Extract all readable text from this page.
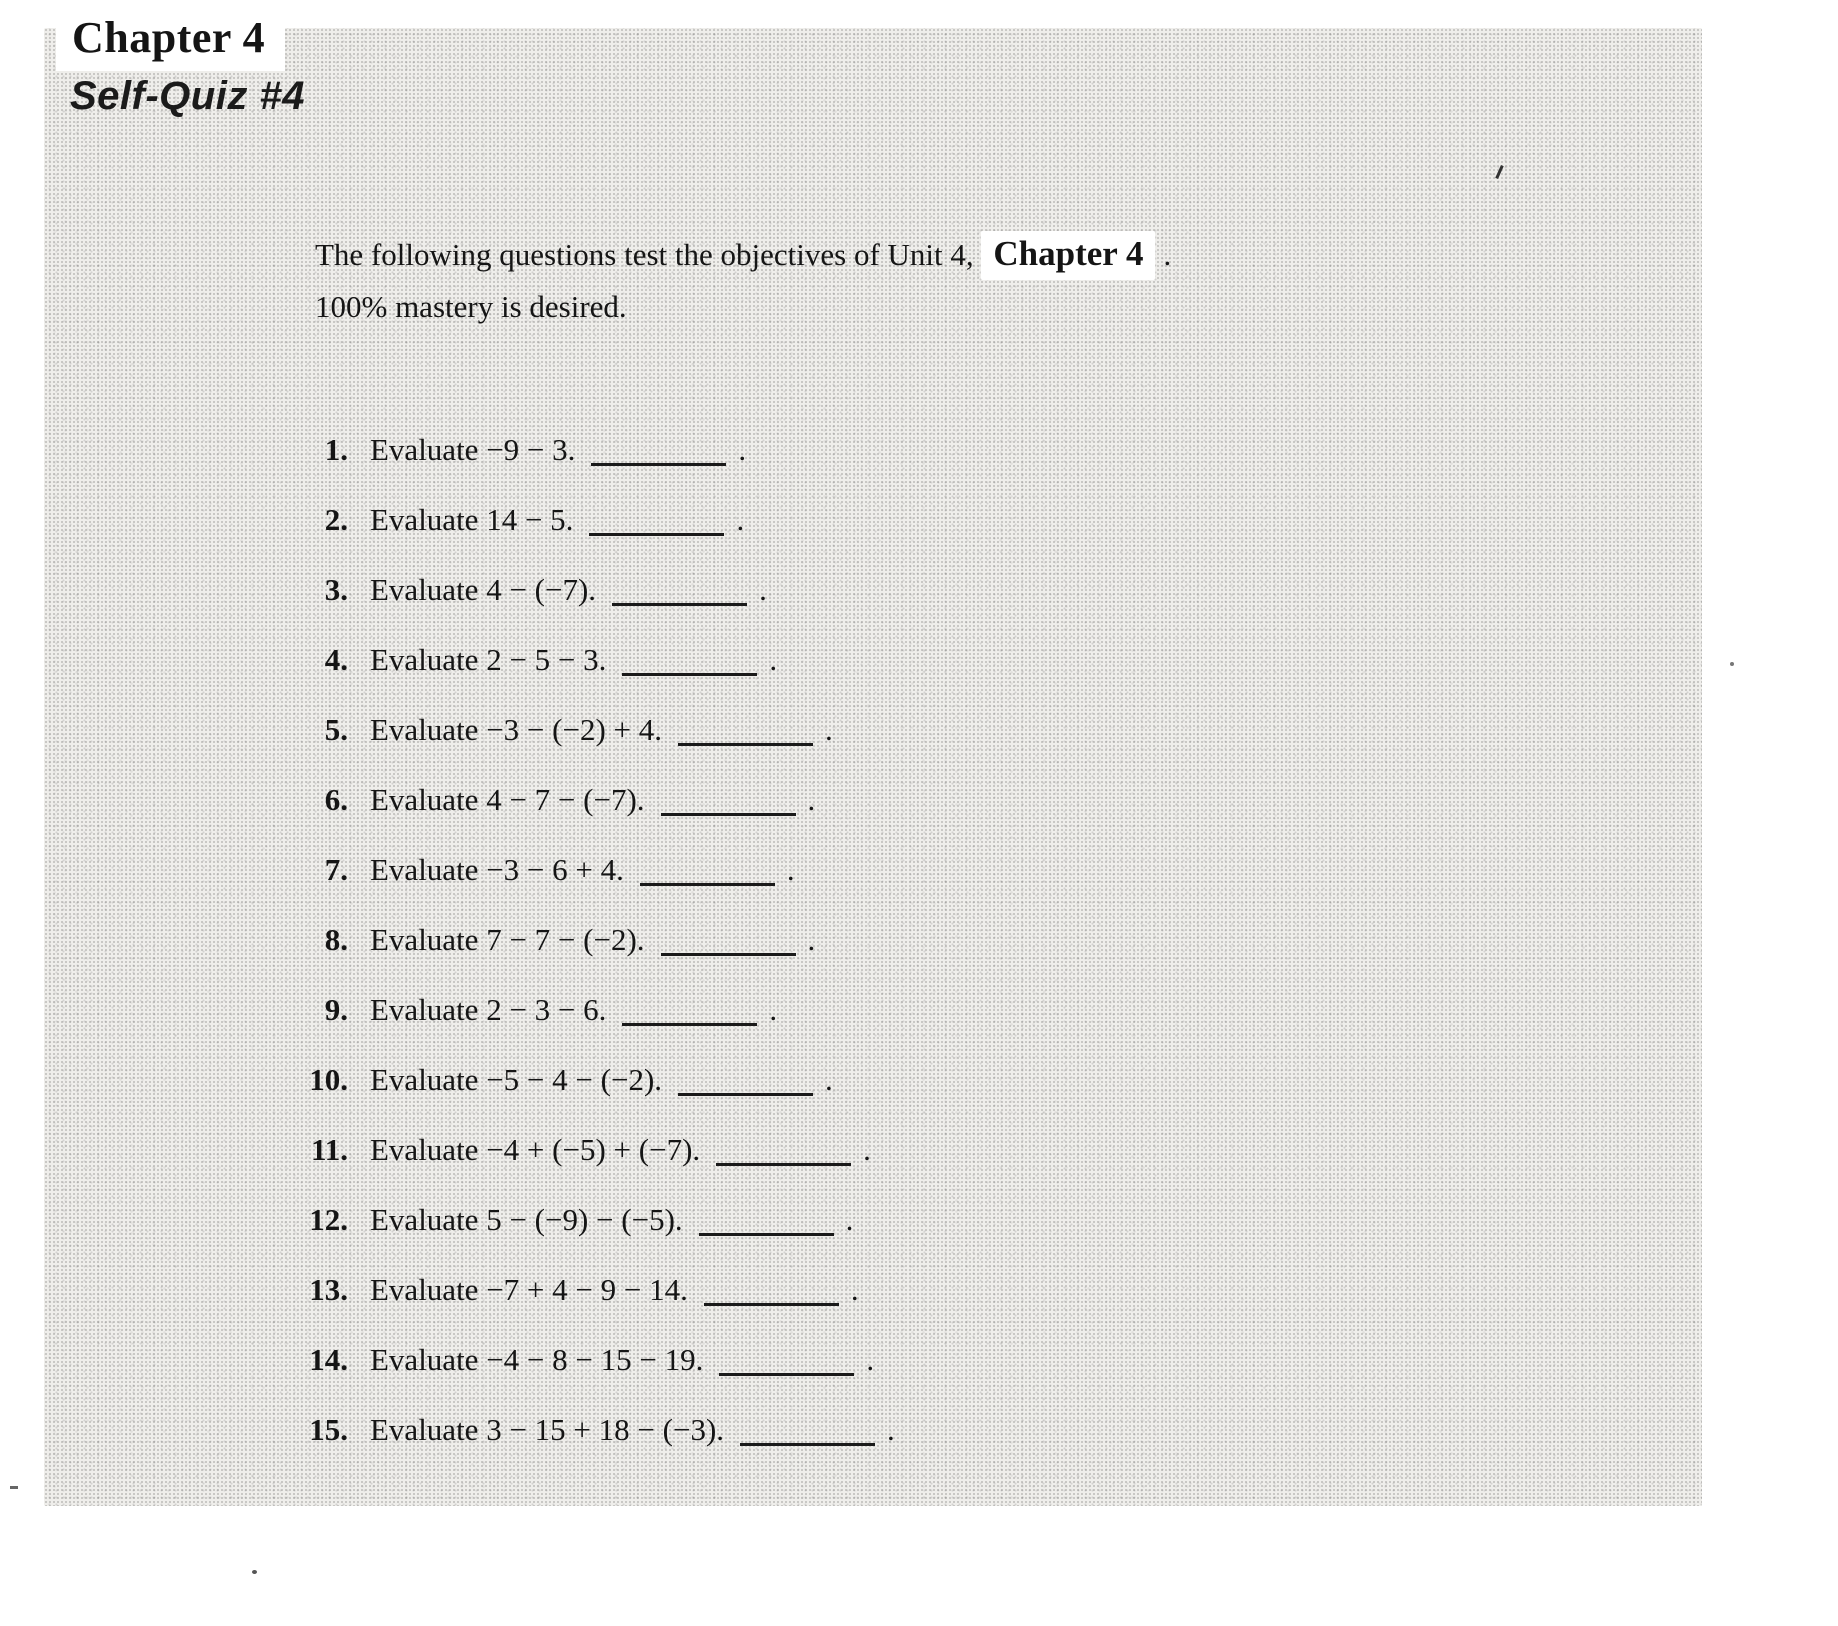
Chapter 4
Self-Quiz #4
The following questions test the objectives of Unit 4, Chapter 4 .
100% mastery is desired.
1. Evaluate −9 − 3.	.
2. Evaluate 14 − 5.	.
3. Evaluate 4 − (−7).	.
4. Evaluate 2 − 5 − 3.	.
5. Evaluate −3 − (−2) + 4.	.
6. Evaluate 4 − 7 − (−7).	.
7. Evaluate −3 − 6 + 4.	.
8. Evaluate 7 − 7 − (−2).	.
9. Evaluate 2 − 3 − 6.	.
10. Evaluate −5 − 4 − (−2).	.
11. Evaluate −4 + (−5) + (−7).	.
12. Evaluate 5 − (−9) − (−5).	.
13. Evaluate −7 + 4 − 9 − 14.	.
14. Evaluate −4 − 8 − 15 − 19.	.
15. Evaluate 3 − 15 + 18 − (−3).	.
